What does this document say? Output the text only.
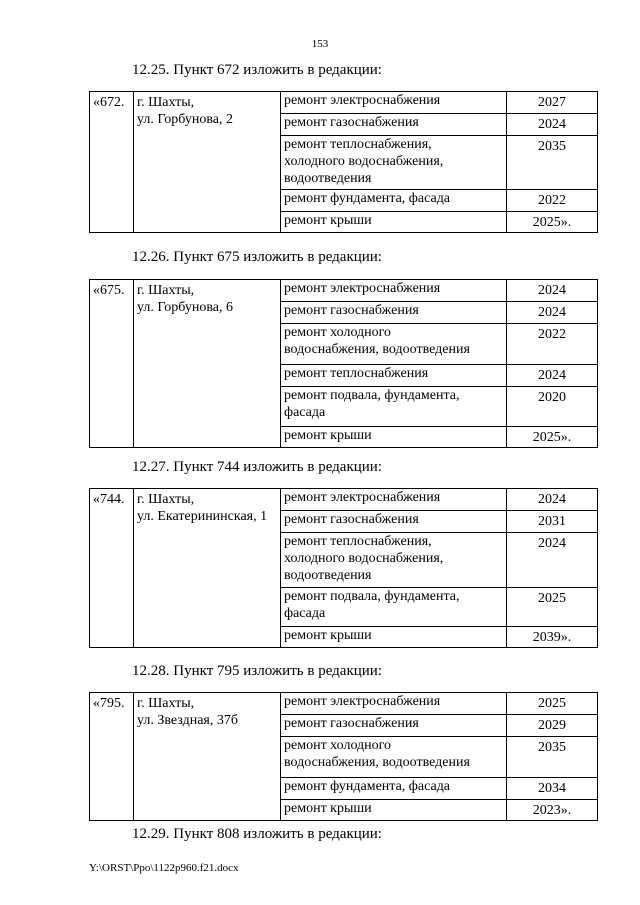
153
12.25. Пункт 672 изложить в редакции:
«672.	г. Шахты,
ул. Горбунова, 2	ремонт электроснабжения	2027

		ремонт газоснабжения	2024

		ремонт теплоснабжения,
холодного водоснабжения,
водоотведения	2035

		ремонт фундамента, фасада	2022

		ремонт крыши	2025».
12.26. Пункт 675 изложить в редакции:
«675.	г. Шахты,
ул. Горбунова, 6	ремонт электроснабжения	2024

		ремонт газоснабжения	2024

		ремонт холодного
водоснабжения, водоотведения	2022

		ремонт теплоснабжения	2024

		ремонт подвала, фундамента,
фасада	2020

		ремонт крыши	2025».
12.27. Пункт 744 изложить в редакции:
«744.	г. Шахты,
ул. Екатерининская, 1	ремонт электроснабжения	2024

		ремонт газоснабжения	2031

		ремонт теплоснабжения,
холодного водоснабжения,
водоотведения	2024

		ремонт подвала, фундамента,
фасада	2025

		ремонт крыши	2039».
12.28. Пункт 795 изложить в редакции:
«795.	г. Шахты,
ул. Звездная, 37б	ремонт электроснабжения	2025

		ремонт газоснабжения	2029

		ремонт холодного
водоснабжения, водоотведения	2035

		ремонт фундамента, фасада	2034

		ремонт крыши	2023».
12.29. Пункт 808 изложить в редакции:
Y:\ORST\Ppo\1122p960.f21.docx
